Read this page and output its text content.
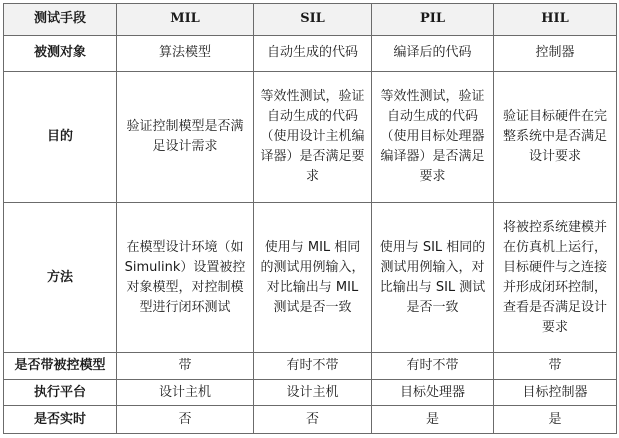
测试手段	MIL	SIL	PIL	HIL
被测对象	算法模型	自动生成的代码	编译后的代码	控制器
目的	验证控制模型是否满足设计需求	等效性测试，验证自动生成的代码（使用设计主机编译器）是否满足要求	等效性测试，验证自动生成的代码（使用目标处理器编译器）是否满足要求	验证目标硬件在完整系统中是否满足设计要求

方法	在模型设计环境（如 Simulink）设置被控对象模型，对控制模型进行闭环测试	使用与 MIL 相同的测试用例输入，对比输出与 MIL 测试是否一致	使用与 SIL 相同的测试用例输入，对比输出与 SIL 测试是否一致	将被控系统建模并在仿真机上运行，目标硬件与之连接并形成闭环控制，查看是否满足设计要求

是否带被控模型	带	有时不带	有时不带	带
执行平台	设计主机	设计主机	目标处理器	目标控制器
是否实时	否	否	是	是
